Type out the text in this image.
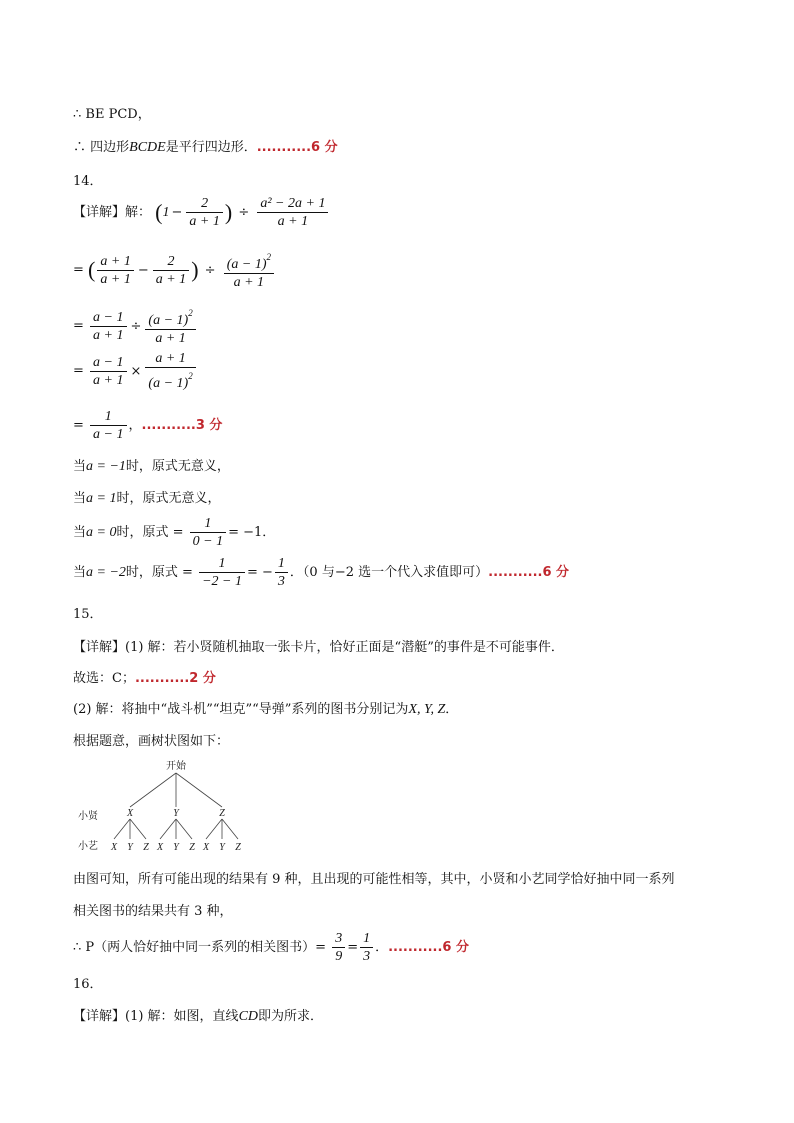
∴ BE PCD，
∴ 四边形BCDE是平行四边形．...........6 分
14．
【详解】解： ($1 - \frac{2}{a + 1}$ ) ÷ $\frac{\text{a² − 2a + 1}}{a + 1}$
= ( $\frac{a + 1}{a + 1} - \frac{2}{a + 1}$ ) ÷ $\frac{(a - 1)^2}{a + 1}$
= $\frac{a - 1}{a + 1} \div \frac{(a - 1)^2}{a + 1}$
= $\frac{a - 1}{a + 1} \times \frac{a + 1}{(a - 1)^2}$
= $\frac{1}{a - 1}$ ，...........3 分
当a = −1时，原式无意义，
当a = 1时，原式无意义，
当a = 0时，原式 = $\frac{1}{0 - 1} = -1$．
当a = −2时，原式 = $\frac{1}{-2 - 1}$ = − $\frac{1}{3}$ ．（0 与−2 选一个代入求值即可）...........6 分
15．
【详解】(1) 解：若小贤随机抽取一张卡片，恰好正面是“潜艇”的事件是不可能事件．
故选：C；...........2 分
(2) 解：将抽中“战斗机”“坦克”“导弹”系列的图书分别记为X, Y, Z．
根据题意，画树状图如下：
开始
小贤
小艺
X	Y	Z
X Y Z X Y Z X Y Z
由图可知，所有可能出现的结果有 9 种，且出现的可能性相等，其中，小贤和小艺同学恰好抽中同一系列
相关图书的结果共有 3 种，
∴ P（两人恰好抽中同一系列的相关图书）= $\frac{3}{9} = \frac{1}{3}$ ．...........6 分
16．
【详解】(1) 解：如图，直线CD即为所求．
